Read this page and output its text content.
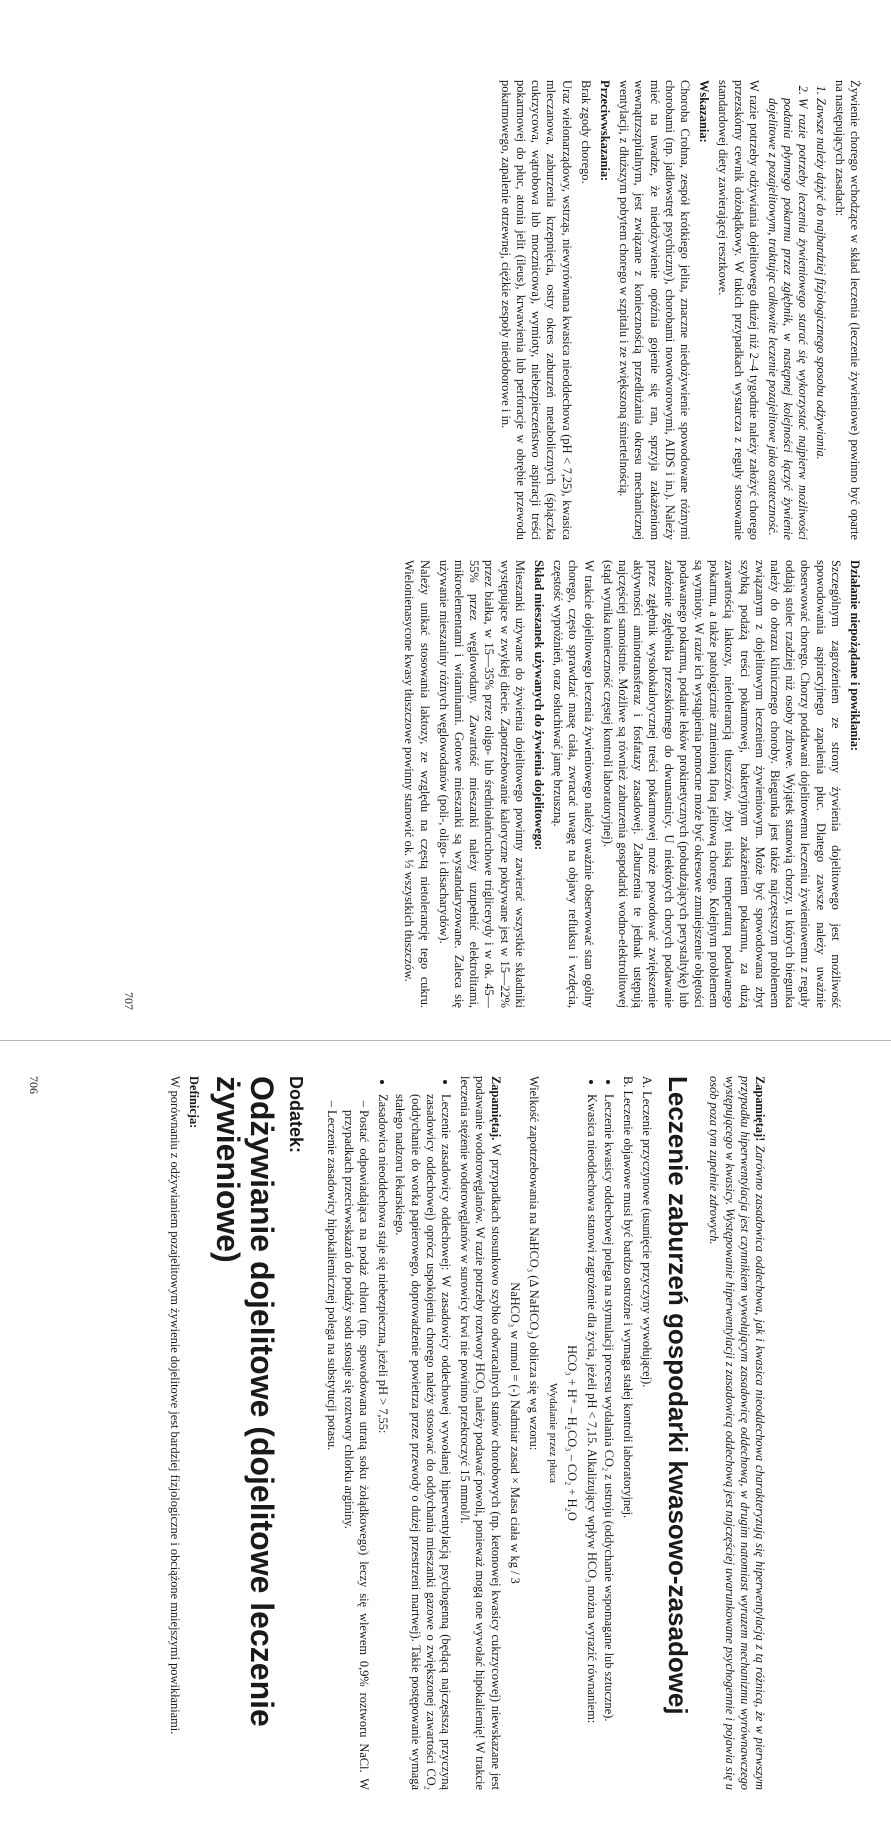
Zapamiętaj! Zarówno zasadowica oddechowa, jak i kwasica nieoddechowa charakteryzują się hiperwentylacją z tą różnicą, że w pierwszym przypadku hiperwentylacja jest czynnikiem wywołującym zasadowicę oddechową, w drugim natomiast wyrazem mechanizmu wyrównawczego występującego w kwasicy. Występowanie hiperwentylacji z zasadowicą oddechową jest najczęściej uwarunkowane psychogennie i pojawia się u osób poza tym zupełnie zdrowych.

Leczenie zaburzeń gospodarki kwasowo-zasadowej

A. Leczenie przyczynowe (usunięcie przyczyny wywołującej).

B. Leczenie objawowe musi być bardzo ostrożne i wymaga stałej kontroli laboratoryjnej.

• Leczenie kwasicy oddechowej polega na stymulacji procesu wydalania CO₂ z ustroju (oddychanie wspomagane lub sztuczne).
• Kwasica nieoddechowa stanowi zagrożenie dla życia, jeżeli pH < 7,15. Alkalizujący wpływ HCO₃ można wyrazić równaniem:
HCO₃ + H⁺ – H₂CO₃ – CO₂ + H₂O
Wydalanie przez płuca

Wielkość zapotrzebowania na NaHCO₃ (Δ NaHCO₃) oblicza się wg wzoru:

NaHCO₃ w mmol = (-) Nadmiar zasad × Masa ciała w kg / 3

Zapamiętaj. W przypadkach stosunkowo szybko odwracalnych stanów chorobowych (np. ketonowej kwasicy cukrzycowej) niewskazane jest podawanie wodorowęglanów. W razie potrzeby roztwory HCO₃ należy podawać powoli, ponieważ mogą one wywołać hipokaliemię! W trakcie leczenia stężenie wodorowęglanów w surowicy krwi nie powinno przekroczyć 15 mmol/l.

• Leczenie zasadowicy oddechowej: W zasadowicy oddechowej wywołanej hiperwentylacją psychogenną (będącą najczęstszą przyczyną zasadowicy oddechowej) oprócz uspokojenia chorego należy stosować do oddychania mieszanki gazowe o zwiększonej zawartości CO₂ (oddychanie do worka papierowego, doprowadzenie powietrza przez przewody o dużej przestrzeni martwej). Takie postępowanie wymaga stałego nadzoru lekarskiego.
• Zasadowica nieoddechowa staje się niebezpieczna, jeżeli pH > 7,55:
– Postać odpowiadająca na podaż chloru (np. spowodowana utratą soku żołądkowego) leczy się wlewem 0,9% roztworu NaCl. W przypadkach przeciwwskazań do podaży sodu stosuje się roztwory chlorku argininy.
– Leczenie zasadowicy hipokaliemicznej polega na substytucji potasu.
Dodatek:
Odżywianie dojelitowe (dojelitowe leczenie żywieniowe)

Definicja:

W porównaniu z odżywianiem pozajelitowym żywienie dojelitowe jest bardziej fizjologiczne i obciążone mniejszymi powikłaniami.

706

Żywienie chorego wchodzące w skład leczenia (leczenie żywieniowe) powinno być oparte na następujących zasadach:

1. Zawsze należy dążyć do najbardziej fizjologicznego sposobu odżywiania.
2. W razie potrzeby leczenia żywieniowego starać się wykorzystać najpierw możliwości podania płynnego pokarmu przez zgłębnik, w następnej kolejności łączyć żywienie dojelitowe z pozajelitowym, traktując całkowite leczenie pozajelitowe jako ostateczność.

W razie potrzeby odżywiania dojelitowego dłużej niż 2–4 tygodnie należy założyć chorego przezskórny cewnik dożołądkowy. W takich przypadkach wystarcza z reguły stosowanie standardowej diety zawierającej resztkowe.

Wskazania:

Choroba Crohna, zespół krótkiego jelita, znaczne niedożywienie spowodowane różnymi chorobami (np. jadłowstręt psychiczny), chorobami nowotworowymi, AIDS i in.). Należy mieć na uwadze, że niedożywienie opóźnia gojenie się ran, sprzyja zakażeniom wewnątrzszpitalnym, jest związane z koniecznością przedłużania okresu mechanicznej wentylacji, z dłuższym pobytem chorego w szpitalu i ze zwiększoną śmiertelnością.

Przeciwwskazania:

Brak zgody chorego.

Uraz wielonarządowy, wstrząs, niewyrównana kwasica nieoddechowa (pH < 7,25), kwasica mleczanowa, zaburzenia krzepnięcia, ostry okres zaburzeń metabolicznych (śpiączka cukrzycowa, wątrobowa lub mocznicowa), wymioty, niebezpieczeństwo aspiracji treści pokarmowej do płuc, atonia jelit (ileus), krwawienia lub perforacje w obrębie przewodu pokarmowego, zapalenie otrzewnej, ciężkie zespoły niedoborowe i in.

Działanie niepożądane i powikłania:

Szczególnym zagrożeniem ze strony żywienia dojelitowego jest możliwość spowodowania aspiracyjnego zapalenia płuc. Dlatego zawsze należy uważnie obserwować chorego. Chorzy poddawani dojelitowemu leczeniu żywieniowemu z reguły oddają stolec rzadziej niż osoby zdrowe. Wyjątek stanowią chorzy, u których biegunka należy do obrazu klinicznego choroby. Biegunka jest także najczęstszym problemem związanym z dojelitowym leczeniem żywieniowym. Może być spowodowana zbyt szybką podażą treści pokarmowej, bakteryjnym zakażeniem pokarmu, za dużą zawartością laktozy, nietolerancją tłuszczów, zbyt niską temperaturą podawanego pokarmu, a także patologicznie zmienioną florą jelitową chorego. Kolejnym problemem są wymioty. W razie ich wystąpienia pomocne może być okresowe zmniejszenie objętości podawanego pokarmu, podanie leków prokinetycznych (pobudzających perystaltykę) lub założenie zgłębnika przezskórnego do dwunastnicy. U niektórych chorych podawanie przez zgłębnik wysokokalorycznej treści pokarmowej może powodować zwiększenie aktywności aminotransferaz i fosfatazy zasadowej. Zaburzenia te jednak ustępują najczęściej samoistnie. Możliwe są również zaburzenia gospodarki wodno-elektrolitowej (stąd wynika konieczność częstej kontroli laboratoryjnej).

W trakcie dojelitowego leczenia żywieniowego należy uważnie obserwować stan ogólny chorego, często sprawdzać masę ciała, zwracać uwagę na objawy refluksu i wzdęcia, częstość wypróżnień, oraz osłuchiwać jamę brzuszną.

Skład mieszanek używanych do żywienia dojelitowego:

Mieszanki używane do żywienia dojelitowego powinny zawierać wszystkie składniki występujące w zwykłej diecie. Zapotrzebowanie kaloryczne pokrywane jest w 15—22% przez białka, w 15—35% przez oligo- lub średniołańcuchowe triglicerydy i w ok. 45—55% przez węglowodany. Zawartość mieszanki należy uzupełnić elektrolitami, mikroelementami i witaminami. Gotowe mieszanki są wystandaryzowane. Zaleca się używanie mieszaniny różnych węglowodanów (poli-, oligo- i disacharydów).

Należy unikać stosowania laktozy, ze względu na częstą nietolerancję tego cukru. Wielonienasycone kwasy tłuszczowe powinny stanowić ok. ⅓ wszystkich tłuszczów.

707
